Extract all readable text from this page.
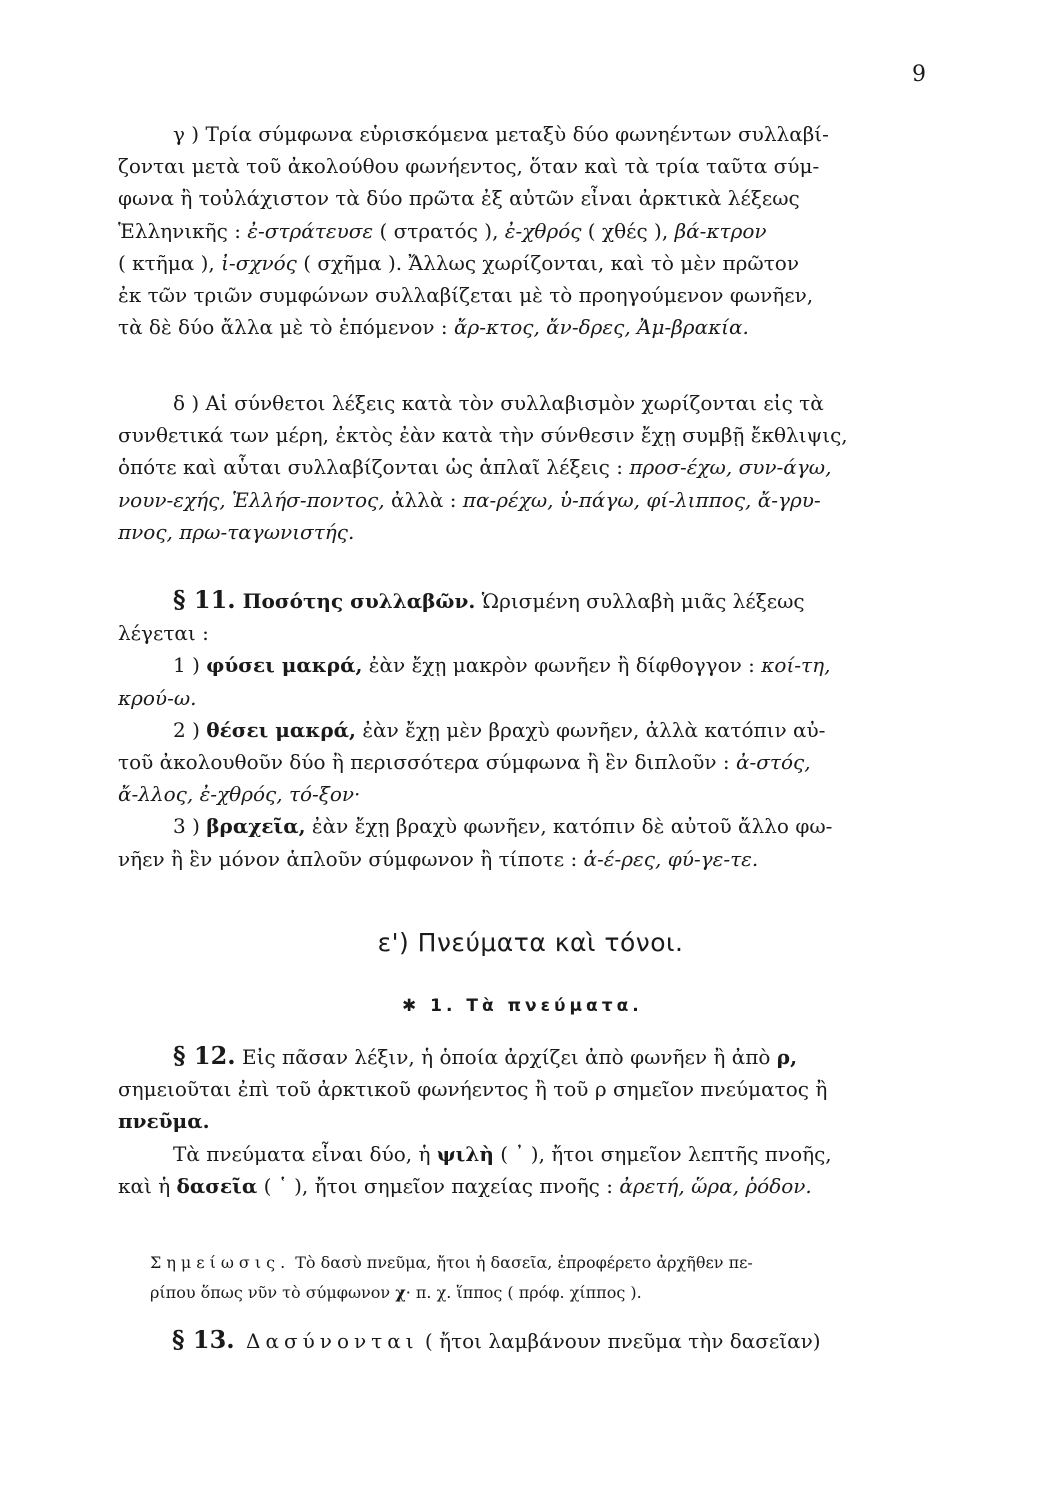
9
γ ) Τρία σύμφωνα εὑρισκόμενα μεταξὺ δύο φωνηέντων συλλαβί-
ζονται μετὰ τοῦ ἀκολούθου φωνήεντος, ὅταν καὶ τὰ τρία ταῦτα σύμ-
φωνα ἢ τοὐλάχιστον τὰ δύο πρῶτα ἐξ αὐτῶν εἶναι ἀρκτικὰ λέξεως
Ἑλληνικῆς : ἐ-στράτευσε ( στρατός ), ἐ-χθρός ( χθές ), βά-κτρον
( κτῆμα ), ἰ-σχνός ( σχῆμα ). Ἄλλως χωρίζονται, καὶ τὸ μὲν πρῶτον
ἐκ τῶν τριῶν συμφώνων συλλαβίζεται μὲ τὸ προηγούμενον φωνῆεν,
τὰ δὲ δύο ἄλλα μὲ τὸ ἑπόμενον : ἄρ-κτος, ἄν-δρες, Ἀμ-βρακία.
δ ) Αἱ σύνθετοι λέξεις κατὰ τὸν συλλαβισμὸν χωρίζονται εἰς τὰ
συνθετικά των μέρη, ἐκτὸς ἐὰν κατὰ τὴν σύνθεσιν ἔχῃ συμβῇ ἔκθλιψις,
ὁπότε καὶ αὗται συλλαβίζονται ὡς ἁπλαῖ λέξεις : προσ-έχω, συν-άγω,
νουν-εχής, Ἑλλήσ-ποντος, ἀλλὰ : πα-ρέχω, ὑ-πάγω, φί-λιππος, ἄ-γρυ-
πνος, πρω-ταγωνιστής.
§ 11. Ποσότης συλλαβῶν. Ὡρισμένη συλλαβὴ μιᾶς λέξεως
λέγεται :
1 ) φύσει μακρά, ἐὰν ἔχῃ μακρὸν φωνῆεν ἢ δίφθογγον : κοί-τη,
κρού-ω.
2 ) θέσει μακρά, ἐὰν ἔχῃ μὲν βραχὺ φωνῆεν, ἀλλὰ κατόπιν αὐ-
τοῦ ἀκολουθοῦν δύο ἢ περισσότερα σύμφωνα ἢ ἓν διπλοῦν : ἀ-στός,
ἄ-λλος, ἐ-χθρός, τό-ξον·
3 ) βραχεῖα, ἐὰν ἔχῃ βραχὺ φωνῆεν, κατόπιν δὲ αὐτοῦ ἄλλο φω-
νῆεν ἢ ἓν μόνον ἁπλοῦν σύμφωνον ἢ τίποτε : ἀ-έ-ρες, φύ-γε-τε.
ε') Πνεύματα καὶ τόνοι.
✱ 1. Τὰ πνεύματα.
§ 12. Εἰς πᾶσαν λέξιν, ἡ ὁποία ἀρχίζει ἀπὸ φωνῆεν ἢ ἀπὸ ρ,
σημειοῦται ἐπὶ τοῦ ἀρκτικοῦ φωνήεντος ἢ τοῦ ρ σημεῖον πνεύματος ἢ
πνεῦμα.
Τὰ πνεύματα εἶναι δύο, ἡ ψιλὴ ( ᾿ ), ἤτοι σημεῖον λεπτῆς πνοῆς,
καὶ ἡ δασεῖα ( ῾ ), ἤτοι σημεῖον παχείας πνοῆς : ἀρετή, ὥρα, ῥόδον.
Σημείωσις. Τὸ δασὺ πνεῦμα, ἤτοι ἡ δασεῖα, ἐπροφέρετο ἀρχῆθεν πε-
ρίπου ὅπως νῦν τὸ σύμφωνον χ· π. χ. ἵππος ( πρόφ. χίππος ).
§ 13. Δασύνονται ( ἤτοι λαμβάνουν πνεῦμα τὴν δασεῖαν)
